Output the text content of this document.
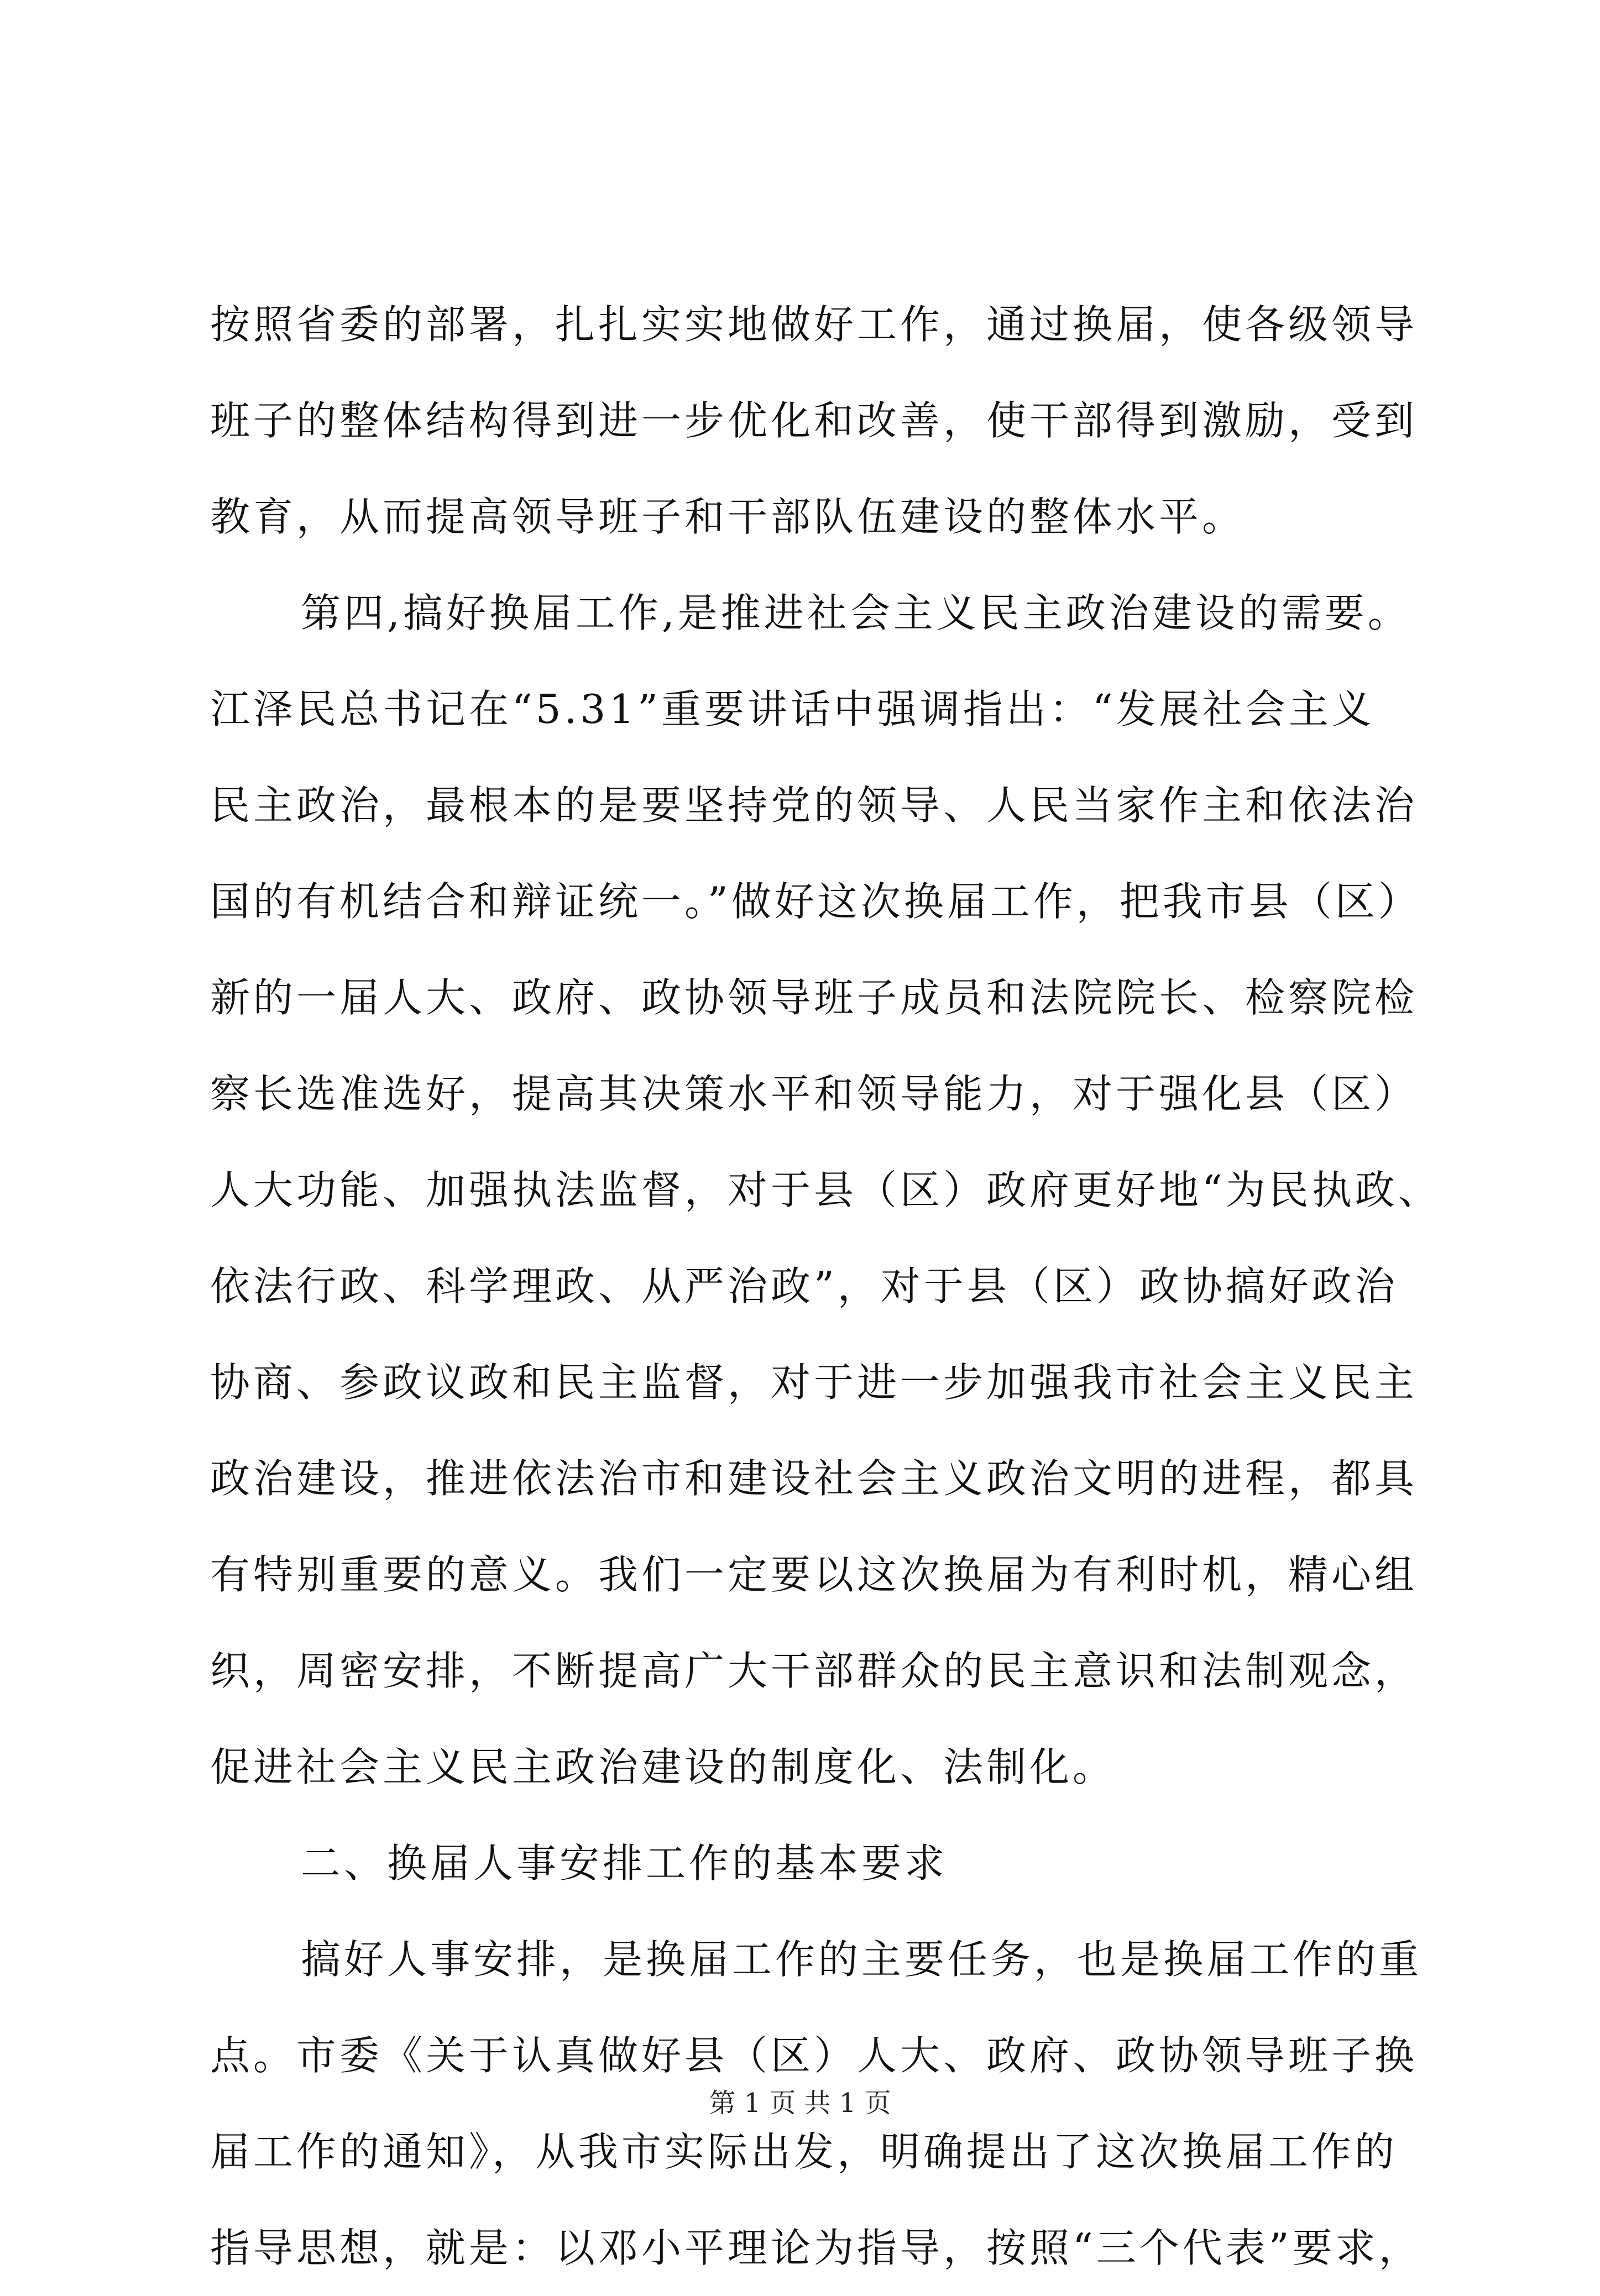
按照省委的部署，扎扎实实地做好工作，通过换届，使各级领导
班子的整体结构得到进一步优化和改善，使干部得到激励，受到
教育，从而提高领导班子和干部队伍建设的整体水平。
第四,搞好换届工作,是推进社会主义民主政治建设的需要。
江泽民总书记在“5.31”重要讲话中强调指出：“发展社会主义
民主政治，最根本的是要坚持党的领导、人民当家作主和依法治
国的有机结合和辩证统一。”做好这次换届工作，把我市县（区）
新的一届人大、政府、政协领导班子成员和法院院长、检察院检
察长选准选好，提高其决策水平和领导能力，对于强化县（区）
人大功能、加强执法监督，对于县（区）政府更好地“为民执政、
依法行政、科学理政、从严治政”，对于县（区）政协搞好政治
协商、参政议政和民主监督，对于进一步加强我市社会主义民主
政治建设，推进依法治市和建设社会主义政治文明的进程，都具
有特别重要的意义。我们一定要以这次换届为有利时机，精心组
织，周密安排，不断提高广大干部群众的民主意识和法制观念，
促进社会主义民主政治建设的制度化、法制化。
二、换届人事安排工作的基本要求
搞好人事安排，是换届工作的主要任务，也是换届工作的重
点。市委《关于认真做好县（区）人大、政府、政协领导班子换
届工作的通知》，从我市实际出发，明确提出了这次换届工作的
指导思想，就是：以邓小平理论为指导，按照“三个代表”要求，
第 1 页 共 1 页
